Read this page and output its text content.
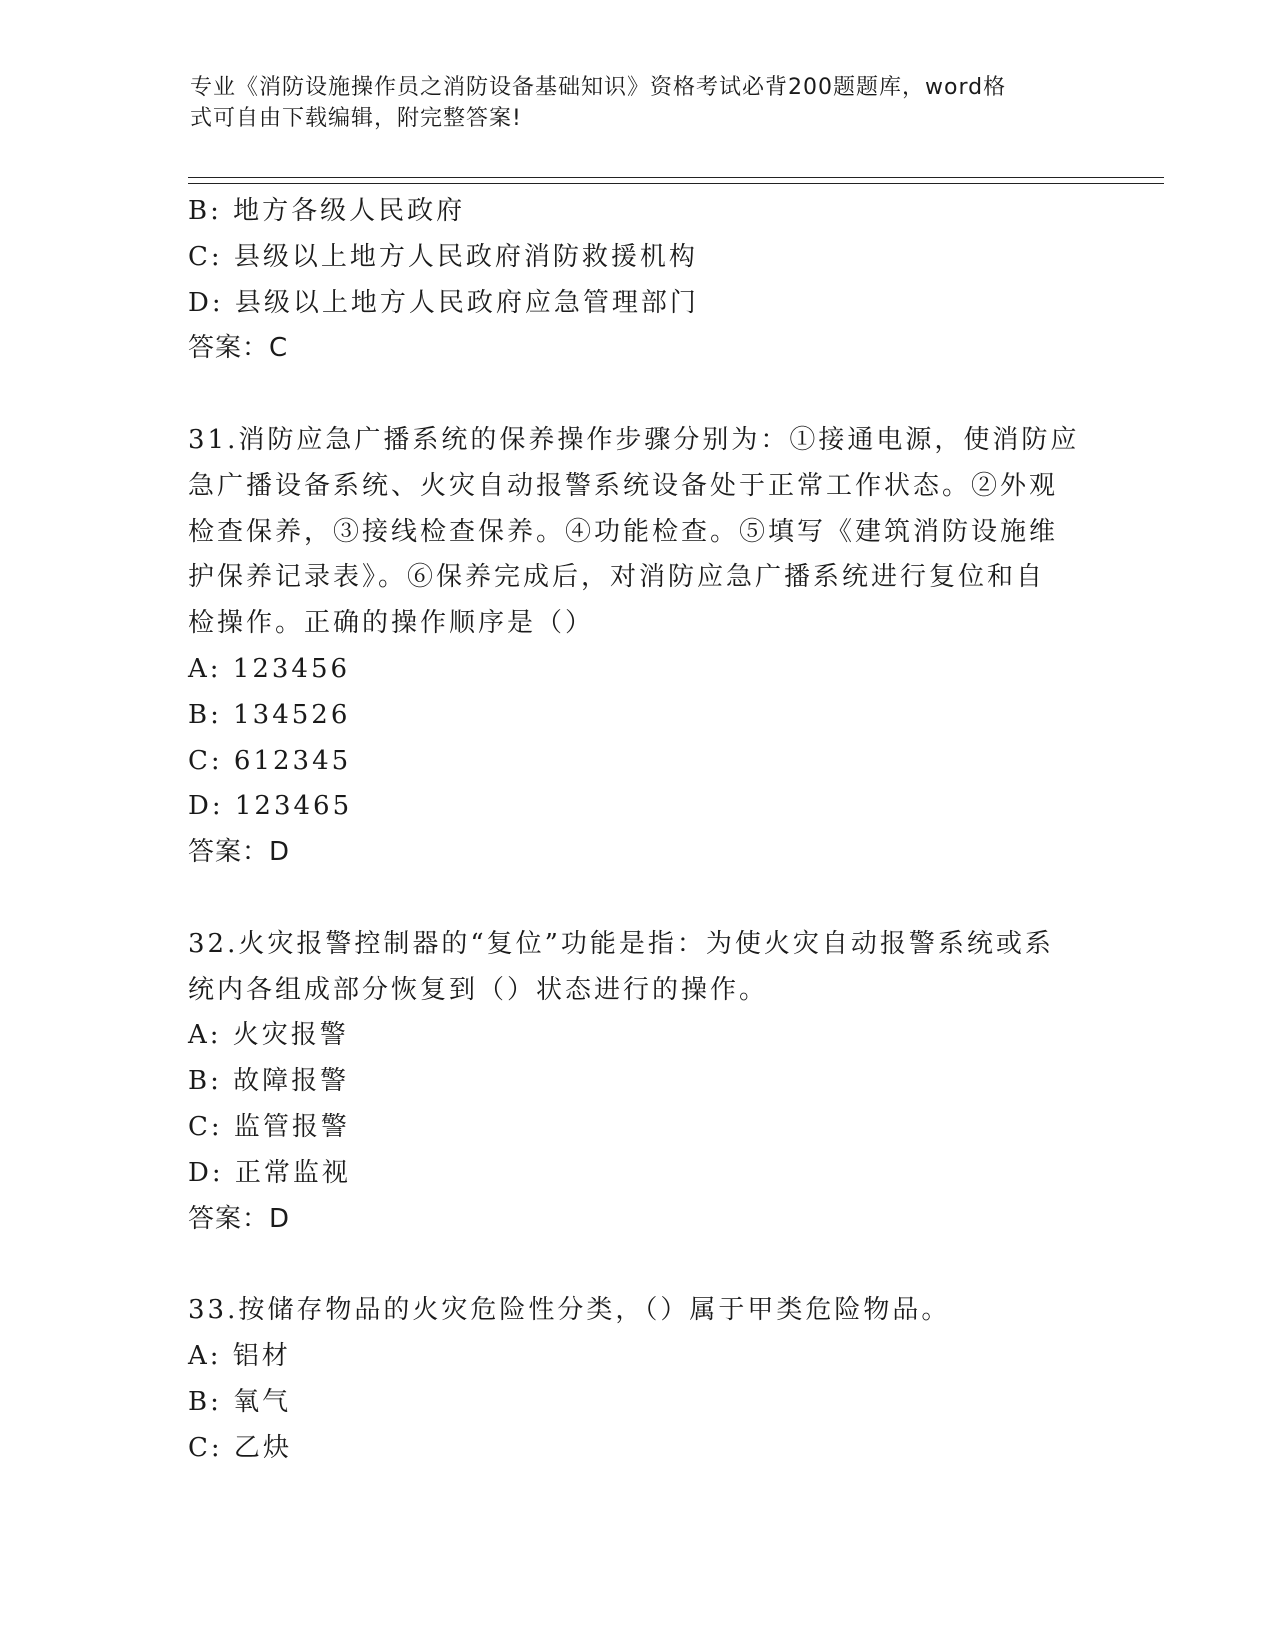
专业《消防设施操作员之消防设备基础知识》资格考试必背200题题库，word格
式可自由下载编辑，附完整答案!
B: 地方各级人民政府
C: 县级以上地方人民政府消防救援机构
D: 县级以上地方人民政府应急管理部门
答案：C
31.消防应急广播系统的保养操作步骤分别为：①接通电源，使消防应
急广播设备系统、火灾自动报警系统设备处于正常工作状态。②外观
检查保养，③接线检查保养。④功能检查。⑤填写《建筑消防设施维
护保养记录表》。⑥保养完成后，对消防应急广播系统进行复位和自
检操作。正确的操作顺序是（）
A: 123456
B: 134526
C: 612345
D: 123465
答案：D
32.火灾报警控制器的“复位”功能是指：为使火灾自动报警系统或系
统内各组成部分恢复到（）状态进行的操作。
A: 火灾报警
B: 故障报警
C: 监管报警
D: 正常监视
答案：D
33.按储存物品的火灾危险性分类，（）属于甲类危险物品。
A: 铝材
B: 氧气
C: 乙炔
